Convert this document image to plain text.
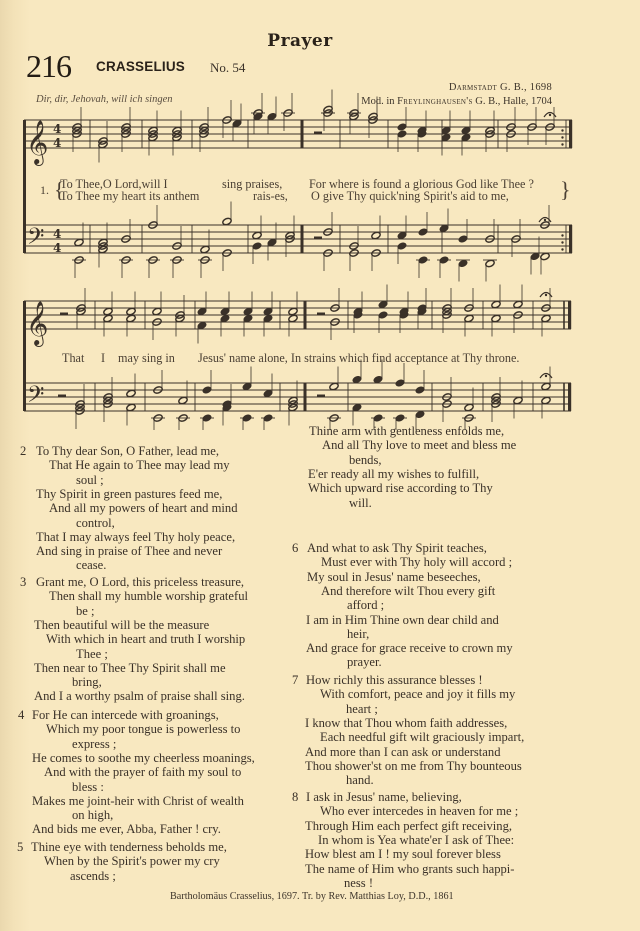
Prayer
216 CRASSELIUS No. 54
Darmstadt G. B., 1698
Mod. in Freylinghausen's G. B., Halle, 1704
Dir, dir, Jehovah, will ich singen
𝄞
𝄢
4
4
4
4
1. {	}
To Thee,O Lord,will I	sing praises, For where is found a glorious God like Thee ?
To Thee my heart its anthem	rais-es, O give Thy quick'ning Spirit's aid to me,
𝄞
𝄢
That I may sing in Jesus' name alone, In strains which find acceptance at Thy throne.
2 To Thy dear Son, O Father, lead me,
That He again to Thee may lead my
soul ;
Thy Spirit in green pastures feed me,
And all my powers of heart and mind
control,
That I may always feel Thy holy peace,
And sing in praise of Thee and never
cease.
3 Grant me, O Lord, this priceless treasure,
Then shall my humble worship grateful
be ;
Then beautiful will be the measure
With which in heart and truth I worship
Thee ;
Then near to Thee Thy Spirit shall me
bring,
And I a worthy psalm of praise shall sing.
4 For He can intercede with groanings,
Which my poor tongue is powerless to
express ;
He comes to soothe my cheerless moanings,
And with the prayer of faith my soul to
bless :
Makes me joint-heir with Christ of wealth
on high,
And bids me ever, Abba, Father ! cry.
5 Thine eye with tenderness beholds me,
When by the Spirit's power my cry
ascends ;
Thine arm with gentleness enfolds me,
And all Thy love to meet and bless me
bends,
E'er ready all my wishes to fulfill,
Which upward rise according to Thy
will.
6 And what to ask Thy Spirit teaches,
Must ever with Thy holy will accord ;
My soul in Jesus' name beseeches,
And therefore wilt Thou every gift
afford ;
I am in Him Thine own dear child and
heir,
And grace for grace receive to crown my
prayer.
7 How richly this assurance blesses !
With comfort, peace and joy it fills my
heart ;
I know that Thou whom faith addresses,
Each needful gift wilt graciously impart,
And more than I can ask or understand
Thou shower'st on me from Thy bounteous
hand.
8 I ask in Jesus' name, believing,
Who ever intercedes in heaven for me ;
Through Him each perfect gift receiving,
In whom is Yea whate'er I ask of Thee:
How blest am I ! my soul forever bless
The name of Him who grants such happi-
ness !
Bartholomäus Crasselius, 1697. Tr. by Rev. Matthias Loy, D.D., 1861
